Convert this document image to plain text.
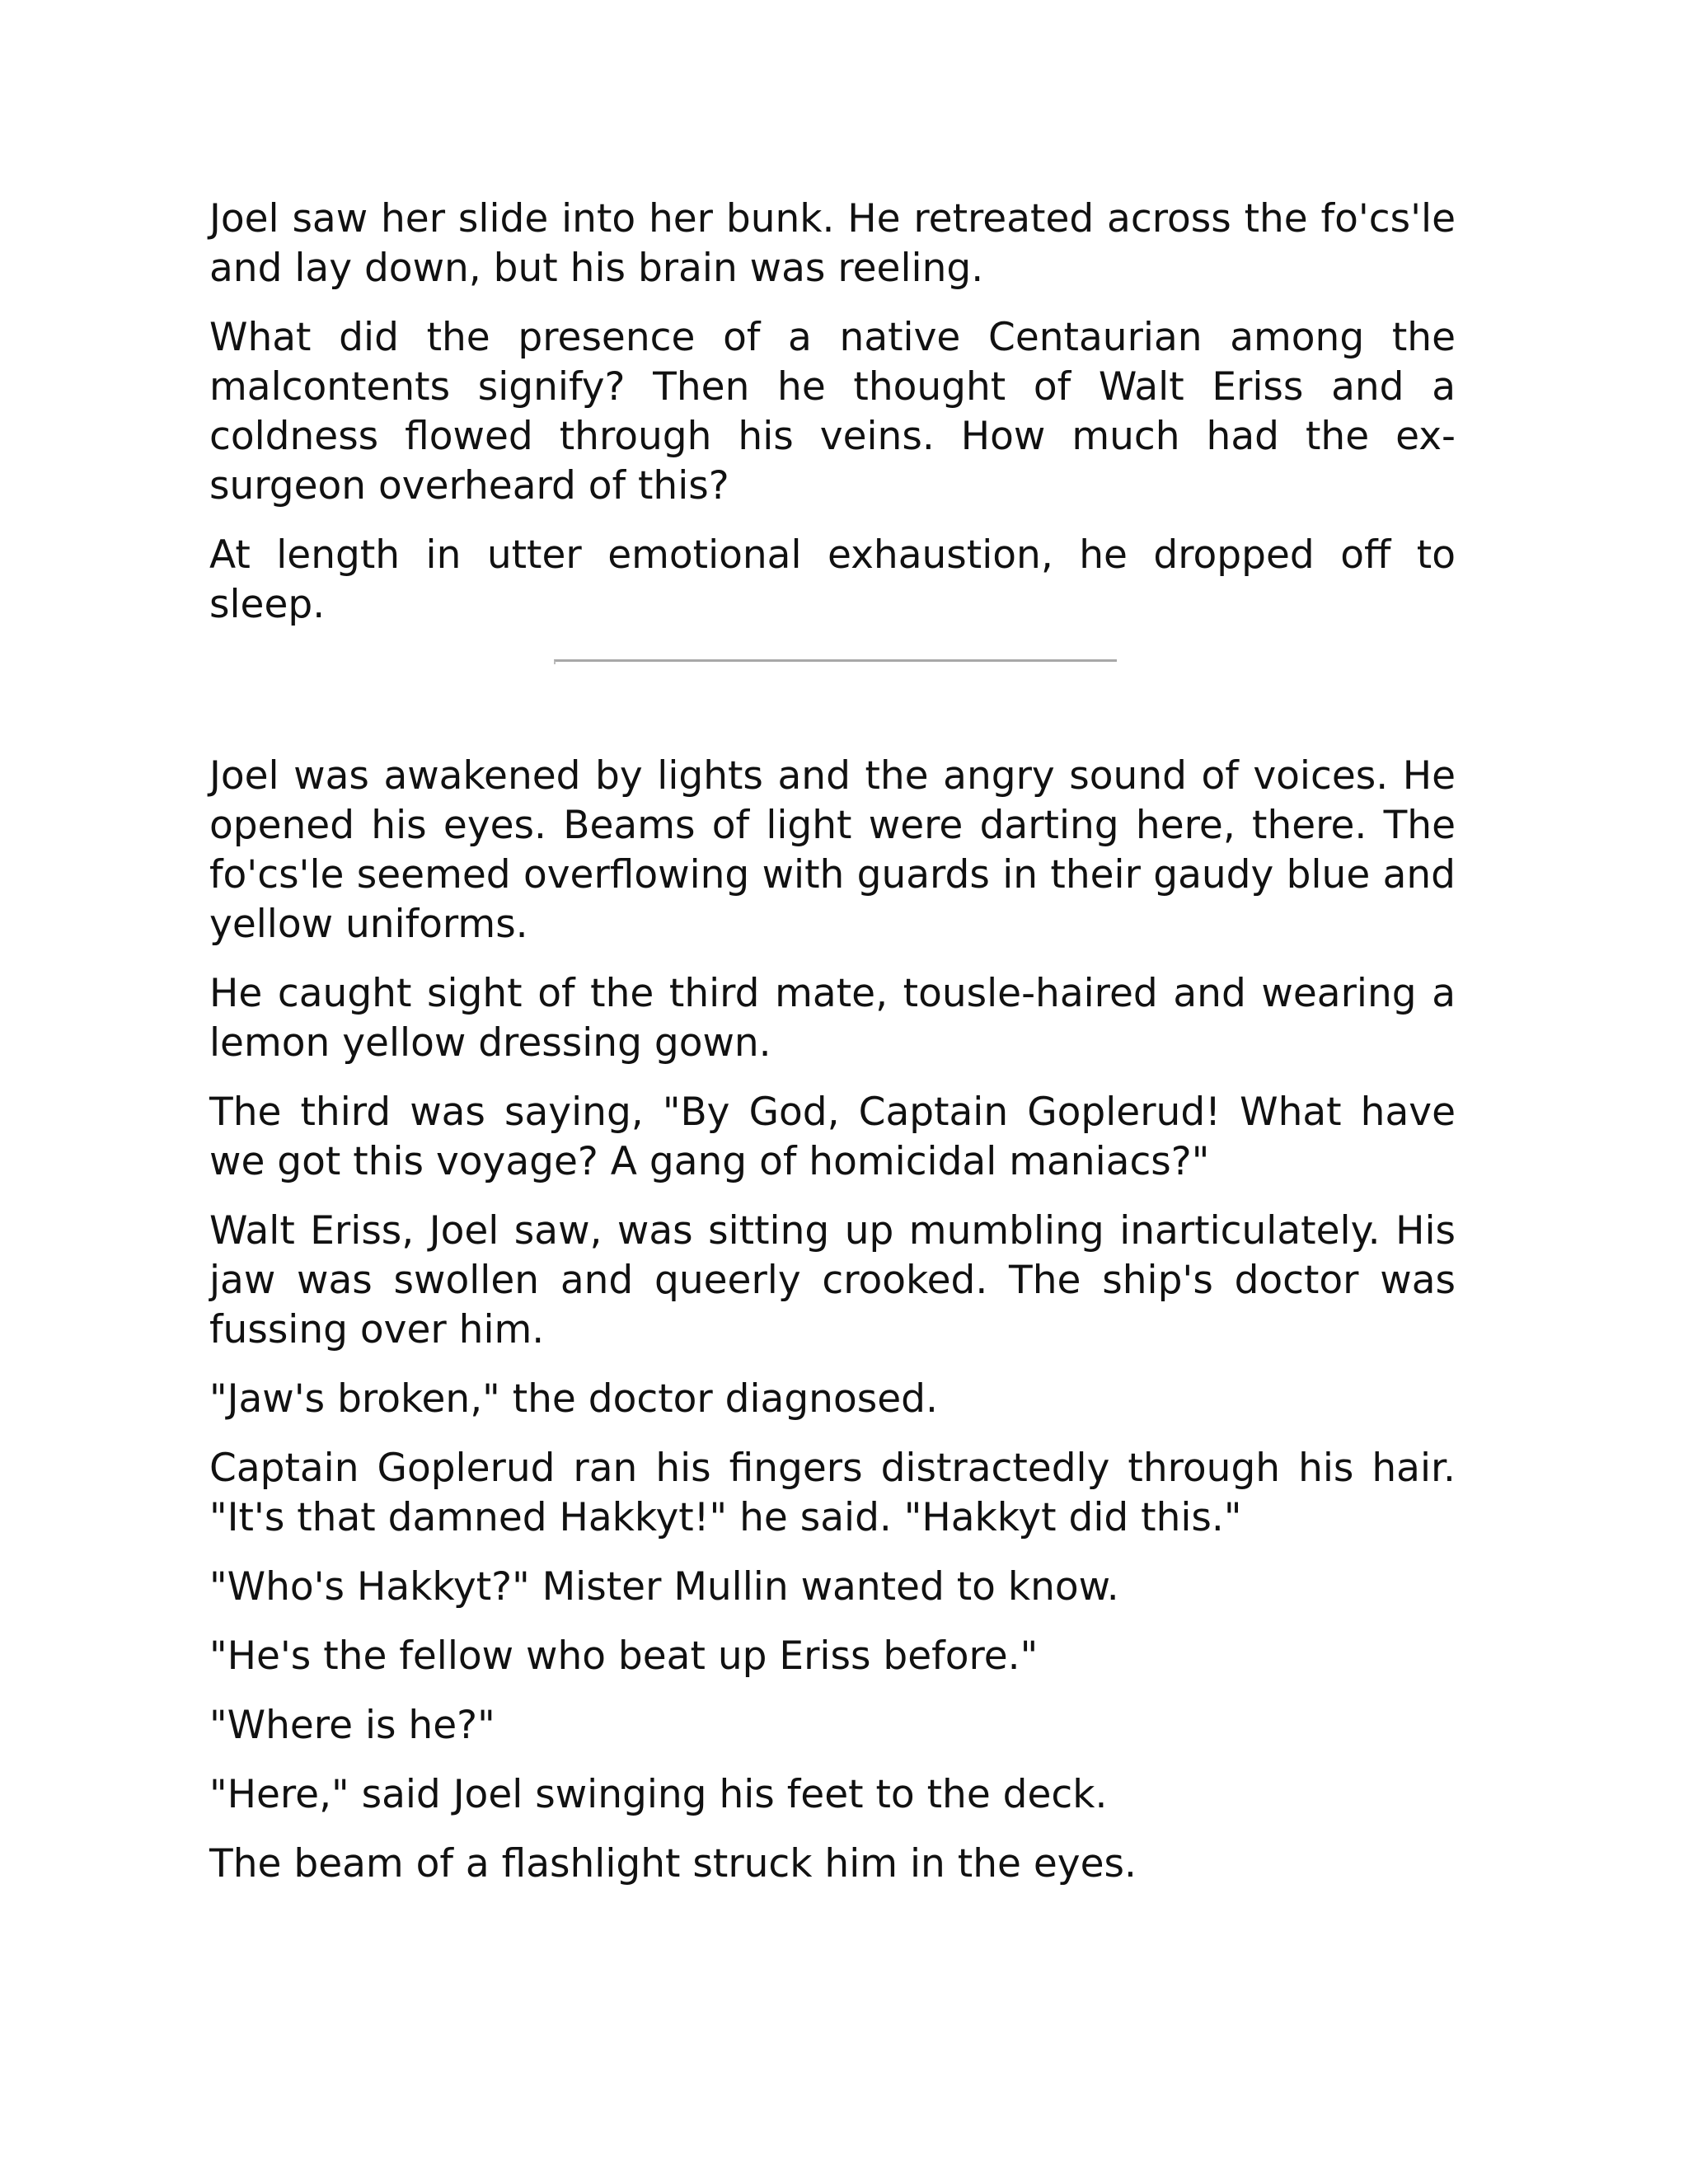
Joel saw her slide into her bunk. He retreated across the fo'cs'le and lay down, but his brain was reeling.

What did the presence of a native Centaurian among the malcontents signify? Then he thought of Walt Eriss and a coldness flowed through his veins. How much had the ex-surgeon overheard of this?

At length in utter emotional exhaustion, he dropped off to sleep.

Joel was awakened by lights and the angry sound of voices. He opened his eyes. Beams of light were darting here, there. The fo'cs'le seemed overflowing with guards in their gaudy blue and yellow uniforms.

He caught sight of the third mate, tousle-haired and wearing a lemon yellow dressing gown.

The third was saying, "By God, Captain Goplerud! What have we got this voyage? A gang of homicidal maniacs?"

Walt Eriss, Joel saw, was sitting up mumbling inarticulately. His jaw was swollen and queerly crooked. The ship's doctor was fussing over him.

"Jaw's broken," the doctor diagnosed.

Captain Goplerud ran his fingers distractedly through his hair. "It's that damned Hakkyt!" he said. "Hakkyt did this."

"Who's Hakkyt?" Mister Mullin wanted to know.

"He's the fellow who beat up Eriss before."

"Where is he?"

"Here," said Joel swinging his feet to the deck.

The beam of a flashlight struck him in the eyes.
